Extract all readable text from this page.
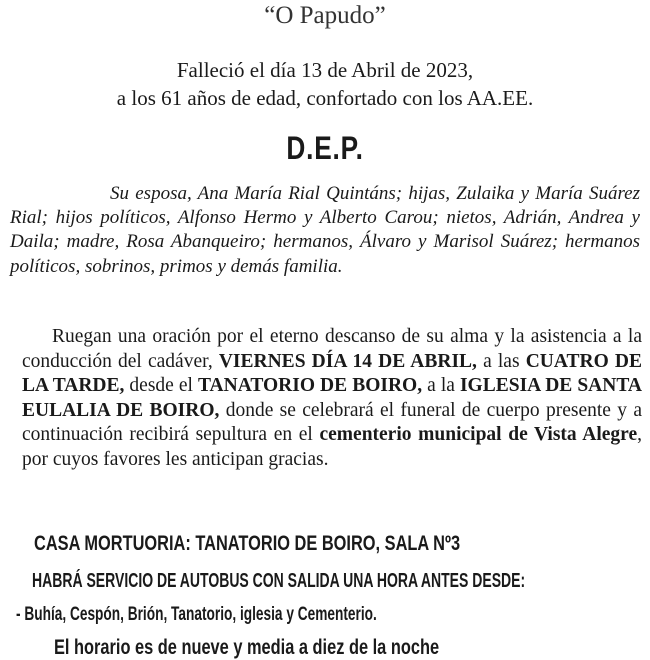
“O Papudo”
Falleció el día 13 de Abril de 2023,
a los 61 años de edad, confortado con los AA.EE.
D.E.P.
Su esposa, Ana María Rial Quintáns; hijas, Zulaika y María Suárez Rial; hijos políticos, Alfonso Hermo y Alberto Carou; nietos, Adrián, Andrea y Daila; madre, Rosa Abanqueiro; hermanos, Álvaro y Marisol Suárez; hermanos políticos, sobrinos, primos y demás familia.
Ruegan una oración por el eterno descanso de su alma y la asistencia a la conducción del cadáver, VIERNES DÍA 14 DE ABRIL, a las CUATRO DE LA TARDE, desde el TANATORIO DE BOIRO, a la IGLESIA DE SANTA EULALIA DE BOIRO, donde se celebrará el funeral de cuerpo presente y a continuación recibirá sepultura en el cementerio municipal de Vista Alegre, por cuyos favores les anticipan gracias.
CASA MORTUORIA: TANATORIO DE BOIRO, SALA Nº3
HABRÁ SERVICIO DE AUTOBUS CON SALIDA UNA HORA ANTES DESDE:
- Buhía, Cespón, Brión, Tanatorio, iglesia y Cementerio.
El horario es de nueve y media a diez de la noche
